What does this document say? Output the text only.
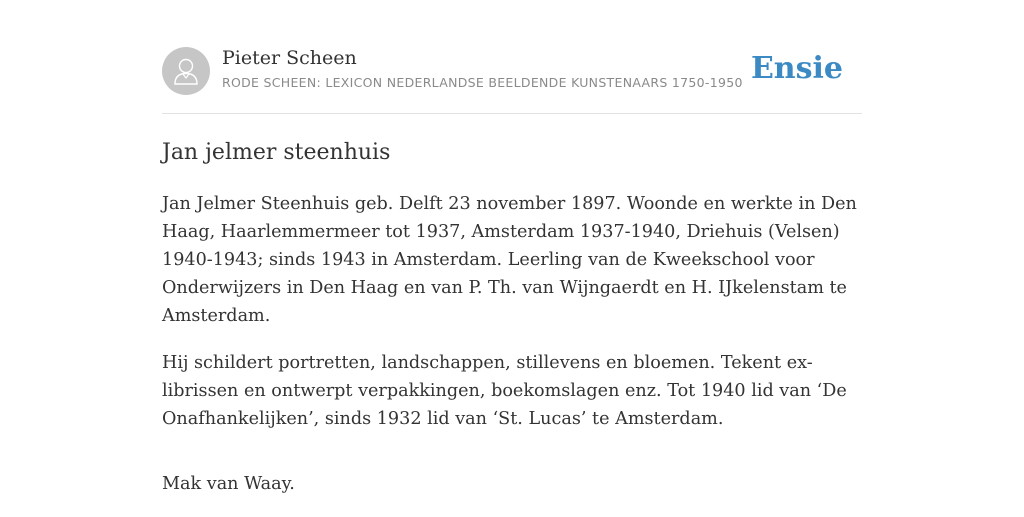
Pieter Scheen
RODE SCHEEN: LEXICON NEDERLANDSE BEELDENDE KUNSTENAARS 1750-1950 Ensie
Jan jelmer steenhuis

Jan Jelmer Steenhuis geb. Delft 23 november 1897. Woonde en werkte in Den Haag, Haarlemmermeer tot 1937, Amsterdam 1937-1940, Driehuis (Velsen) 1940-1943; sinds 1943 in Amsterdam. Leerling van de Kweekschool voor Onderwijzers in Den Haag en van P. Th. van Wijngaerdt en H. IJkelenstam te Amsterdam.

Hij schildert portretten, landschappen, stillevens en bloemen. Tekent ex-librissen en ontwerpt verpakkingen, boekomslagen enz. Tot 1940 lid van ‘De Onafhankelijken’, sinds 1932 lid van ‘St. Lucas’ te Amsterdam.

Mak van Waay.
